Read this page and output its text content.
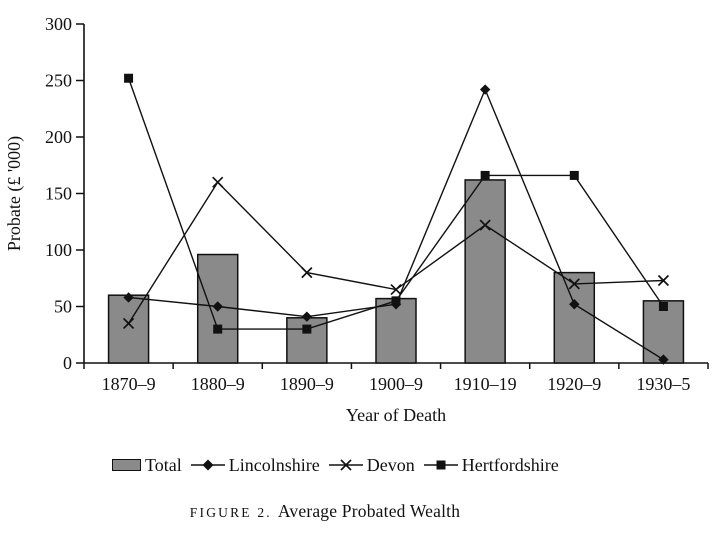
0
50
100
150
200
250
300
1870–9 1880–9 1890–9 1900–9 1910–19 1920–9 1930–5
Year of Death
Probate (£ '000)
Total	Lincolnshire	Devon	Hertfordshire
FIGURE 2. Average Probated Wealth
